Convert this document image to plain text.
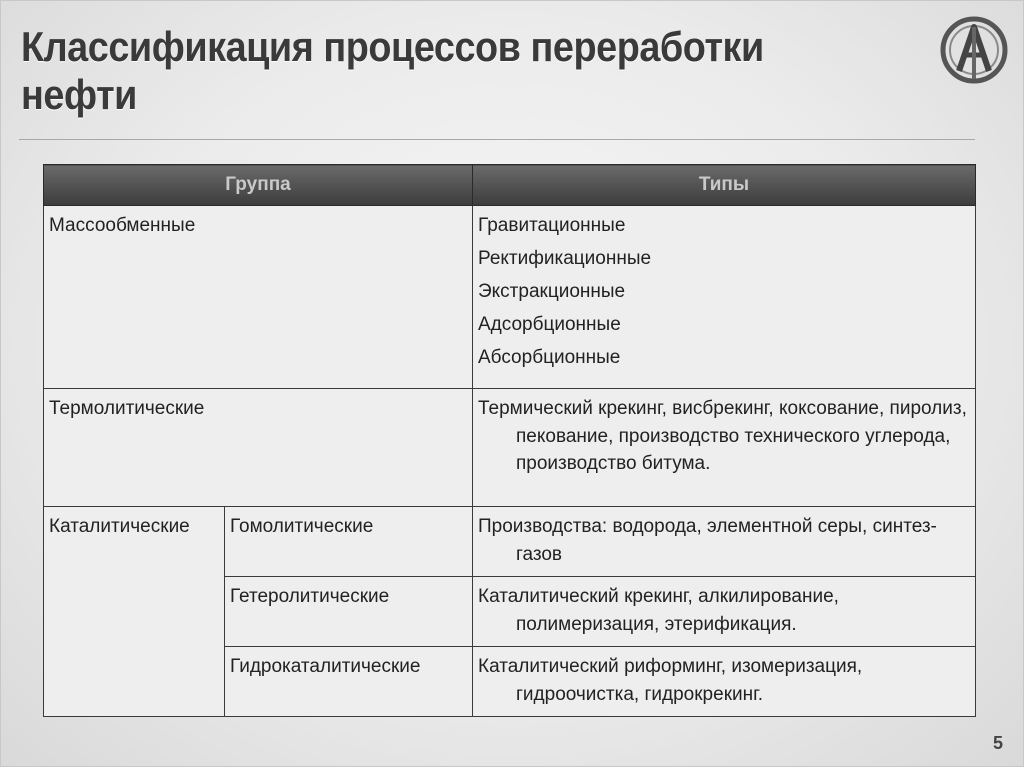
Классификация процессов переработки нефти
Группа		Типы
Массообменные		Гравитационные
Ректификационные
Экстракционные
Адсорбционные
Абсорбционные

Термолитические		Термический крекинг, висбрекинг, коксование, пиролиз, пекование, производство технического углерода, производство битума.

Каталитические	Гомолитические	Производства: водорода, элементной серы, синтез-газов

	Гетеролитические	Каталитический крекинг, алкилирование, полимеризация, этерификация.

	Гидрокаталитические	Каталитический риформинг, изомеризация, гидроочистка, гидрокрекинг.
5
